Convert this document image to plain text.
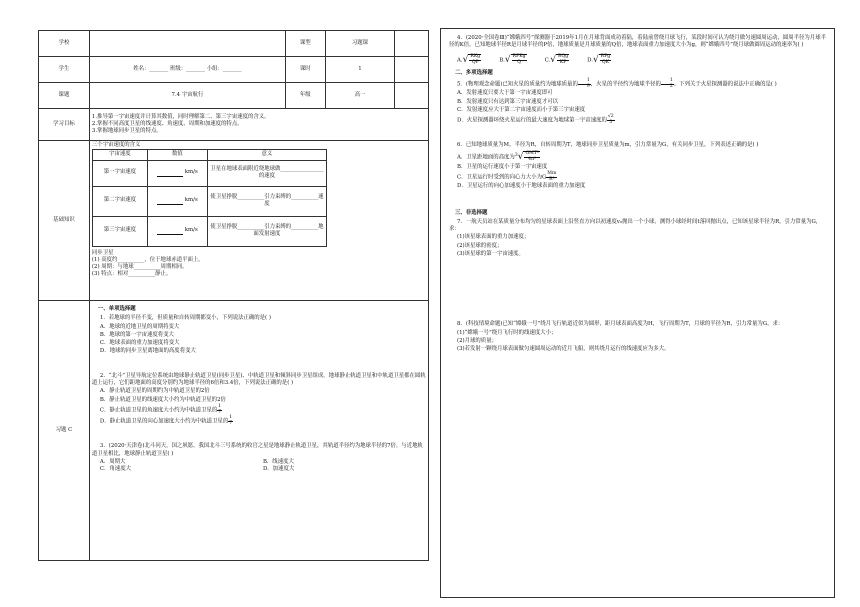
学校		课型	习题课	
学生	姓名：_______ 班级：_______ 小组：_______	课时	1	
课题	7.4 宇宙航行	年级	高一	
学习目标	
1.推导第一宇宙速度并计算其数值，同时理解第二、第三宇宙速度的含义。
2.掌握不同高度卫星的线速度、角速度、周期和加速度的特点。
3.掌握地球同步卫星的特点。

基础知识	
三个宇宙速度的含义
宇宙速度	数值	意义
第一宇宙速度	km/s	卫星在地球表面附近绕地球做________________的速度
第二宇宙速度	km/s	使卫星挣脱__________引力束缚的__________速度
第三宇宙速度	km/s	使卫星挣脱__________引力束缚的__________地面发射速度
同步卫星
(1) 高度约__________，位于地球赤道平面上。
(2) 周期：与地球__________周期相同。
(3) 特点：相对__________静止。

习题 C	
一、单项选择题
1．若地球的半径不变，但质量和自转周期都变小，下列说法正确的是( )
A．地球的近地卫星的周期将变大
B．地球的第一宇宙速度将变大
C．地球表面的重力加速度将变大
D．地球的同步卫星离地面的高度将变大
2．“北斗”卫星导航定位系统由地球静止轨道卫星(同步卫星)、中轨道卫星和倾斜同步卫星组成。地球静止轨道卫星和中轨道卫星都在圆轨道上运行，它们距地面的高度分别约为地球半径的6倍和3.4倍，下列说法正确的是( )
A．静止轨道卫星的周期约为中轨道卫星的2倍
B．静止轨道卫星的线速度大小约为中轨道卫星的2倍
C．静止轨道卫星的角速度大小约为中轨道卫星的 $\frac{1}{7}$
D．静止轨道卫星的向心加速度大小约为中轨道卫星的 $\frac{1}{7}$
3．(2020·天津卷)北斗问天，国之夙愿。我国北斗三号系统的收官之星是地球静止轨道卫星，其轨道半径约为地球半径的7倍。与近地轨道卫星相比，地球静止轨道卫星( )
A．周期大	B．线速度大
C．角速度大	D．加速度大
4．(2020·全国卷Ⅲ)“嫦娥四号”探测器于2019年1月在月球背面成功着陆，着陆前曾绕月球飞行，某段时间可认为绕月做匀速圆周运动，圆周半径为月球半径的K倍。已知地球半径R是月球半径的P倍，地球质量是月球质量的Q倍，地球表面重力加速度大小为g，则“嫦娥四号”绕月球做圆周运动的速率为( )
$A.√ \frac{\text{RKg}}{QP}$	$B.√ \frac{\text{RPKg}}{Q}$	$C.√ \frac{\text{RQg}}{KP}$	$D.√ \frac{\text{RPg}}{QK}$
二、多项选择题
5．(物理观念命题)已知火星的质量约为地球质量的 $\frac{1}{9}$ ，火星的半径约为地球半径的 $\frac{1}{2}$ 。下列关于火星探测器的说法中正确的是( )
A．发射速度只要大于第一宇宙速度即可
B．发射速度只有达到第三宇宙速度才可以
C．发射速度应大于第二宇宙速度而小于第三宇宙速度
D．火星探测器环绕火星运行的最大速度为地球第一宇宙速度的 $\frac{√2}{3}$
6．已知地球质量为M，半径为R，自转周期为T，地球同步卫星质量为m，引力常量为G，有关同步卫星，下列表述正确的是( )
A．卫星距地面的高度为$^3√ \frac{\text{GMT²}}{\text{4π²}}$
B．卫星的运行速度小于第一宇宙速度
C．卫星运行时受到的向心力大小为G $\frac{Mm}{\text{R²}}$
D．卫星运行的向心加速度小于地球表面的重力加速度
三、非选择题
7．一航天员站在某质量分布均匀的星球表面上沿竖直方向以初速度v₀抛出一个小球，测得小球经时间t落回抛出点，已知该星球半径为R，引力常量为G，求：
(1)该星球表面的重力加速度；
(2)该星球的密度；
(3)该星球的第一宇宙速度。
8．(科技情境命题)已知“嫦娥一号”绕月飞行轨道近似为圆形，距月球表面高度为H，飞行周期为T，月球的半径为R，引力常量为G，求：
(1)“嫦娥一号”绕月飞行时的线速度大小；
(2)月球的质量；
(3)若发射一颗绕月球表面做匀速圆周运动的近月飞船，则其绕月运行的线速度应为多大。
